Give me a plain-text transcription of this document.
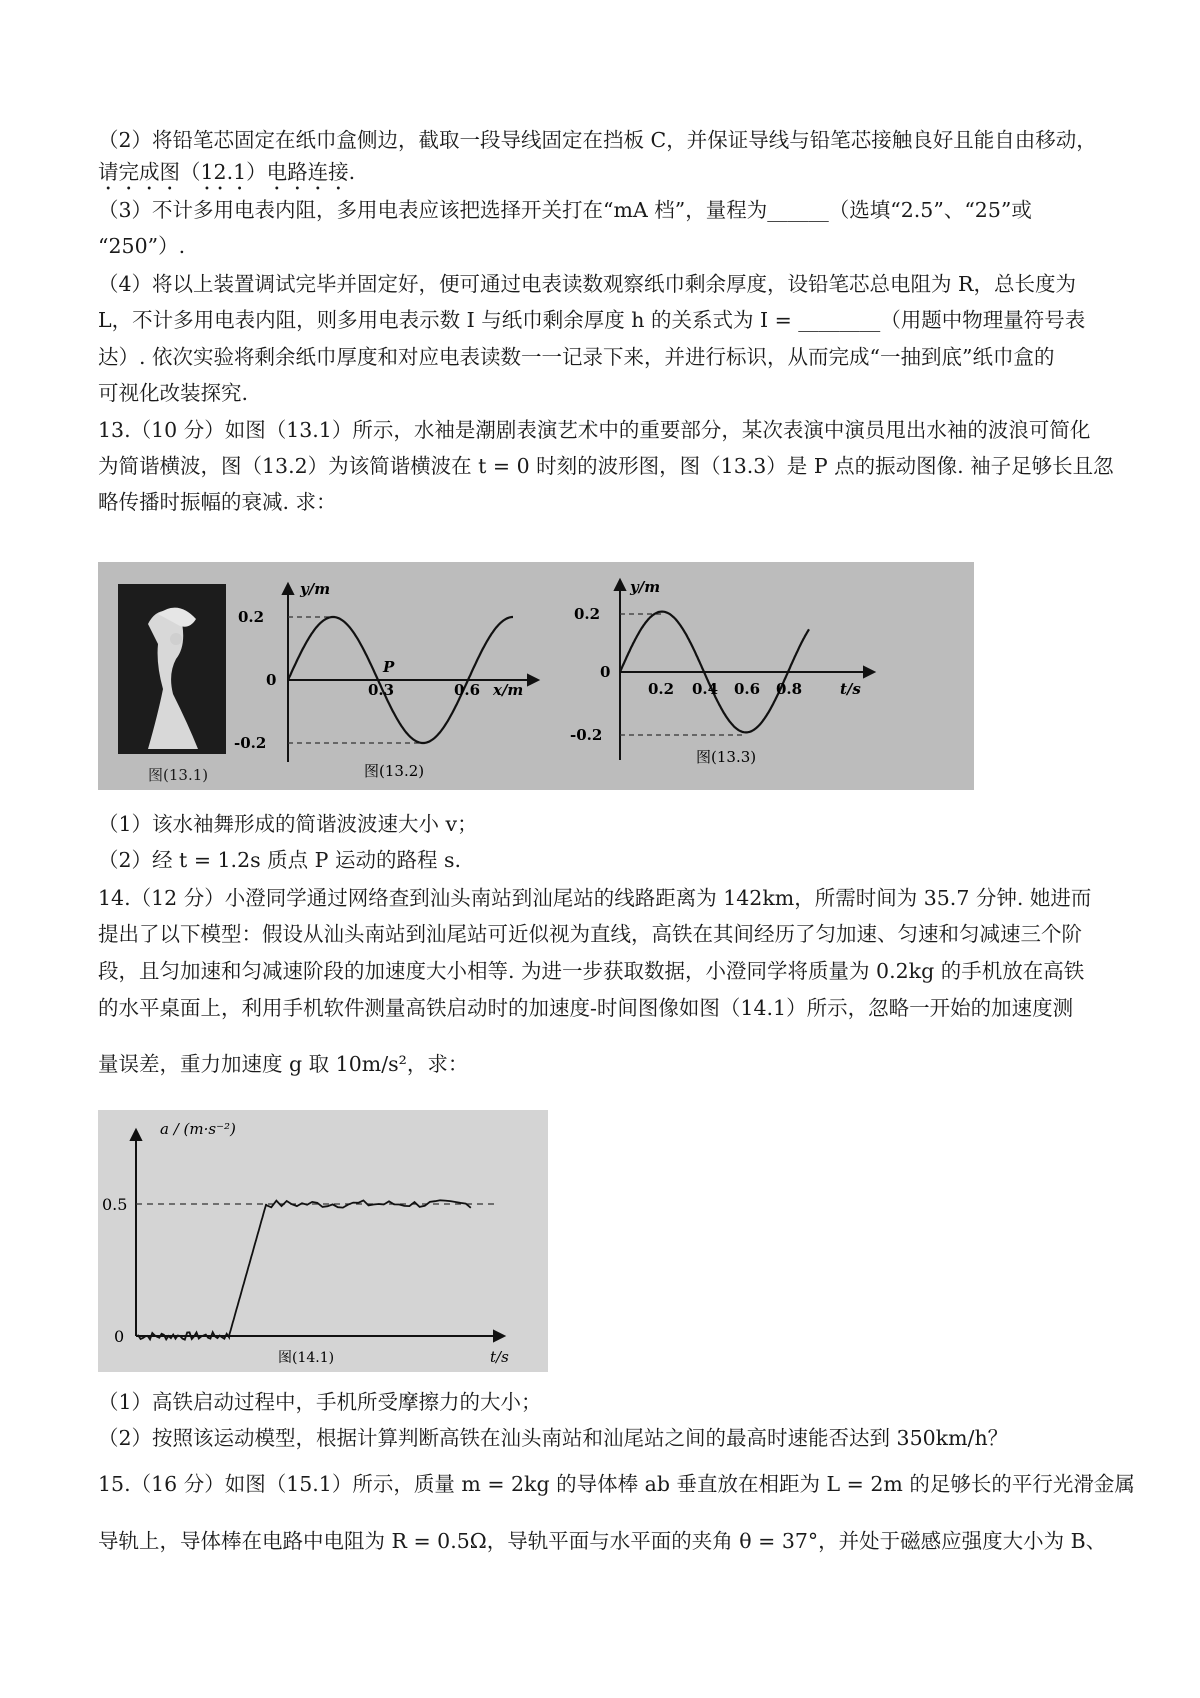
（2）将铅笔芯固定在纸巾盒侧边，截取一段导线固定在挡板 C，并保证导线与铅笔芯接触良好且能自由移动，
请完成图（12.1）电路连接.
（3）不计多用电表内阻，多用电表应该把选择开关打在“mA 档”，量程为______（选填“2.5”、“25”或
“250”）.
（4）将以上装置调试完毕并固定好，便可通过电表读数观察纸巾剩余厚度，设铅笔芯总电阻为 R，总长度为
L，不计多用电表内阻，则多用电表示数 I 与纸巾剩余厚度 h 的关系式为 I = ________（用题中物理量符号表
达）. 依次实验将剩余纸巾厚度和对应电表读数一一记录下来，并进行标识，从而完成“一抽到底”纸巾盒的
可视化改装探究.
13.（10 分）如图（13.1）所示，水袖是潮剧表演艺术中的重要部分，某次表演中演员甩出水袖的波浪可简化
为简谐横波，图（13.2）为该简谐横波在 t = 0 时刻的波形图，图（13.3）是 P 点的振动图像. 袖子足够长且忽
略传播时振幅的衰减. 求：
图(13.1)
y/m
0.2
0
-0.2
0.3	0.6 x/m
P
图(13.2)
y/m
0.2
0
-0.2
0.2 0.4 0.6 0.8	t/s
图(13.3)
（1）该水袖舞形成的简谐波波速大小 v；
（2）经 t = 1.2s 质点 P 运动的路程 s.
14.（12 分）小澄同学通过网络查到汕头南站到汕尾站的线路距离为 142km，所需时间为 35.7 分钟. 她进而
提出了以下模型：假设从汕头南站到汕尾站可近似视为直线，高铁在其间经历了匀加速、匀速和匀减速三个阶
段，且匀加速和匀减速阶段的加速度大小相等. 为进一步获取数据，小澄同学将质量为 0.2kg 的手机放在高铁
的水平桌面上，利用手机软件测量高铁启动时的加速度-时间图像如图（14.1）所示，忽略一开始的加速度测
量误差，重力加速度 g 取 10m/s²，求：
a / (m·s⁻²)
0.5
0
图(14.1)	t/s
（1）高铁启动过程中，手机所受摩擦力的大小；
（2）按照该运动模型，根据计算判断高铁在汕头南站和汕尾站之间的最高时速能否达到 350km/h？
15.（16 分）如图（15.1）所示，质量 m = 2kg 的导体棒 ab 垂直放在相距为 L = 2m 的足够长的平行光滑金属
导轨上，导体棒在电路中电阻为 R = 0.5Ω，导轨平面与水平面的夹角 θ = 37°，并处于磁感应强度大小为 B、
